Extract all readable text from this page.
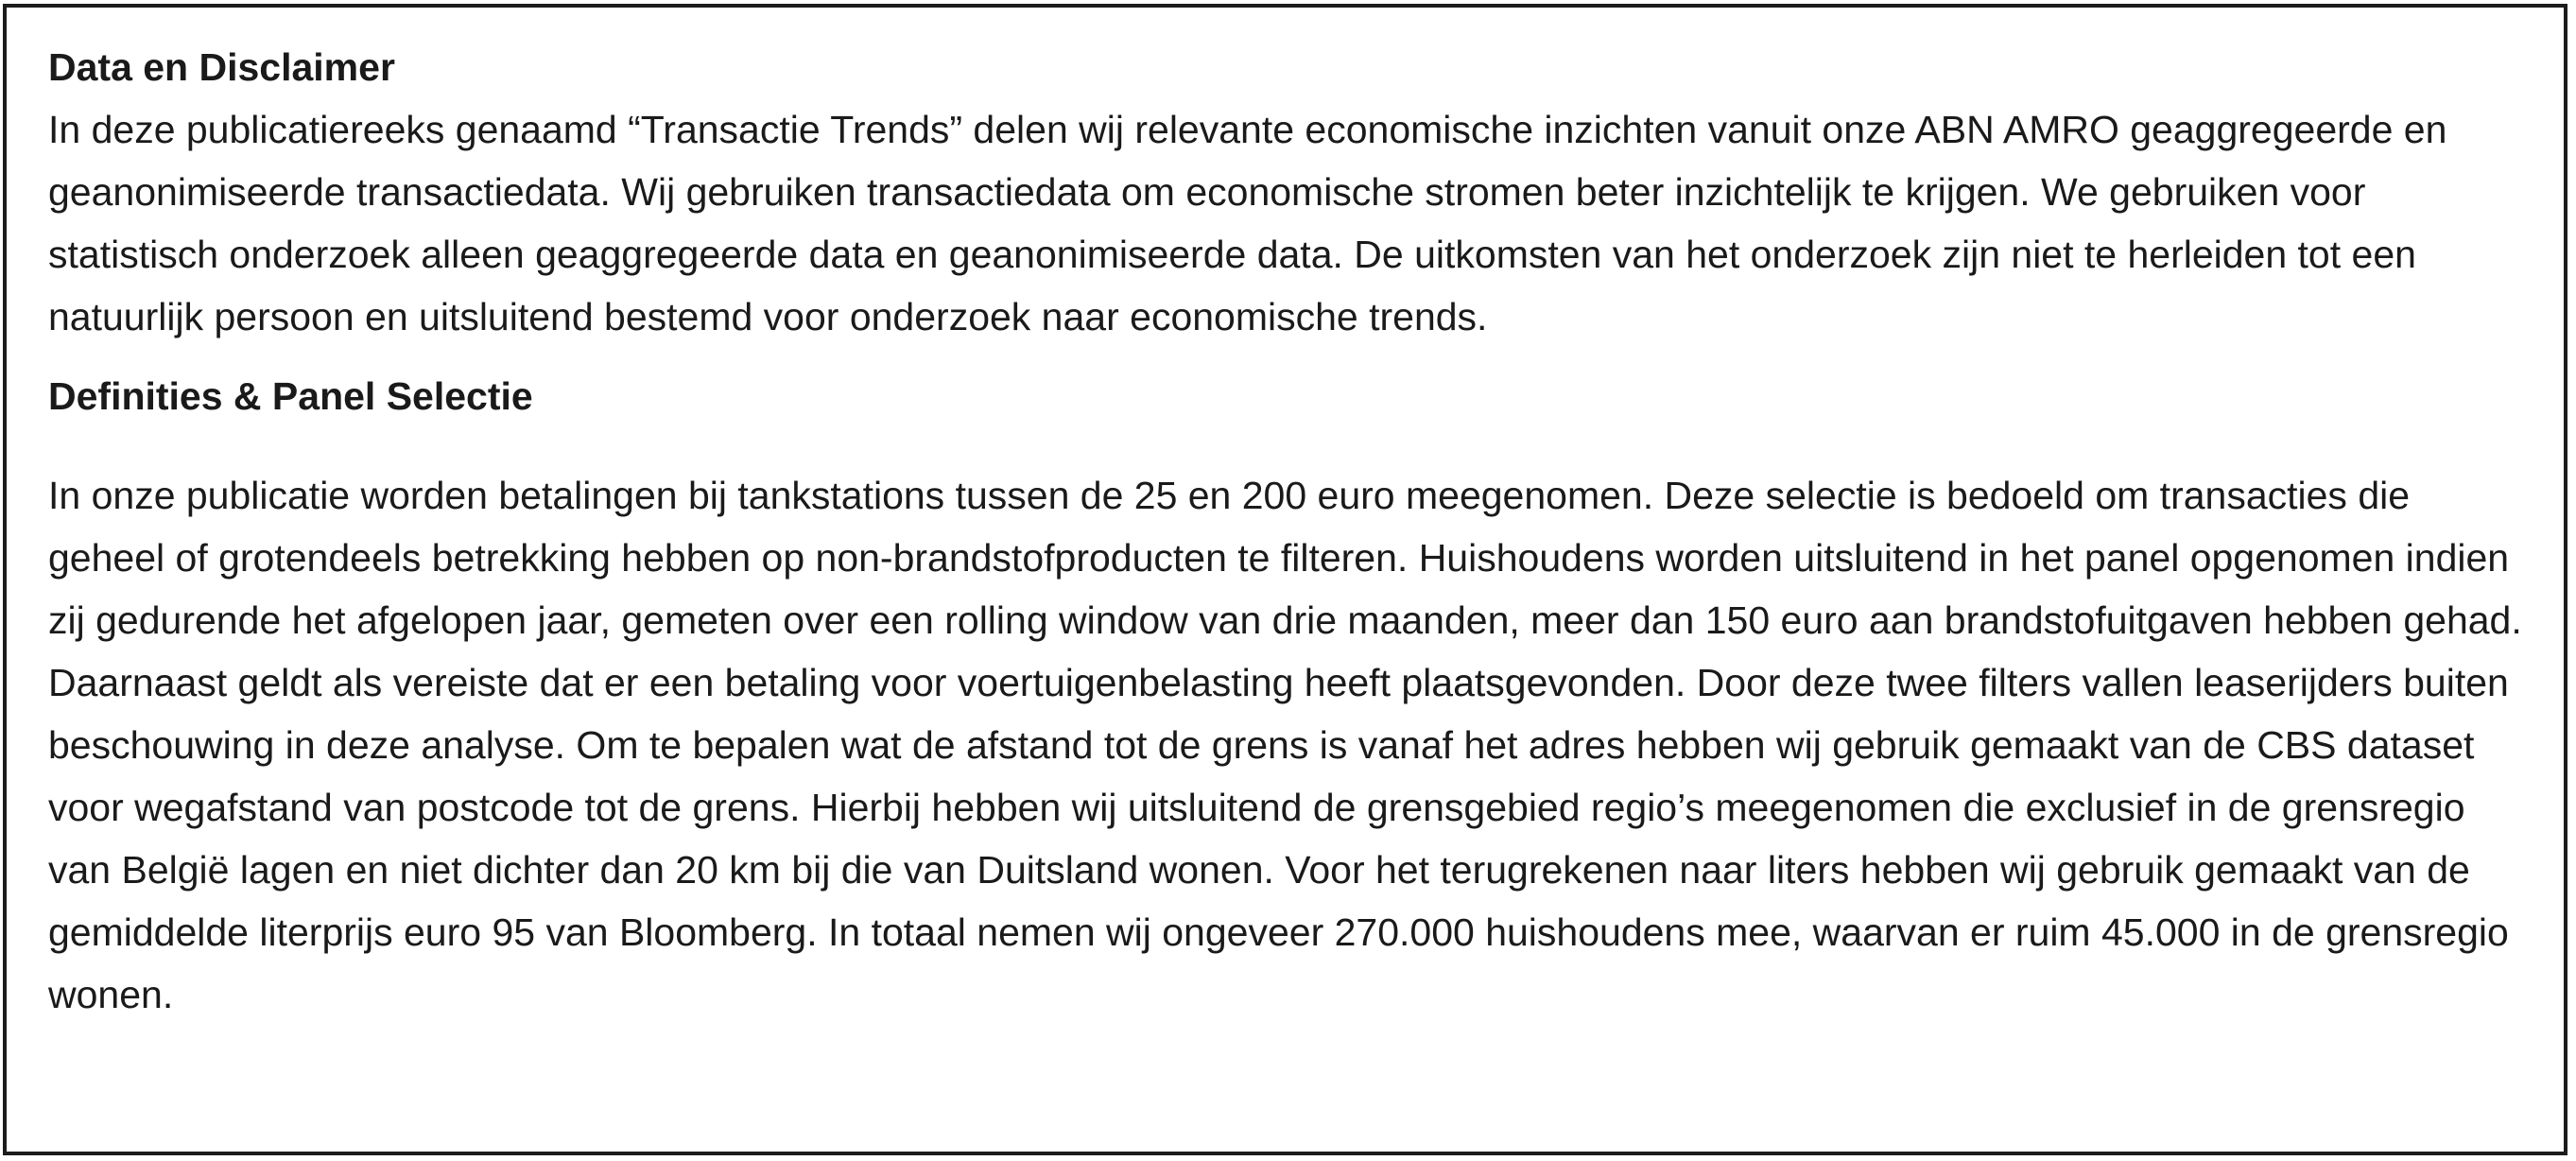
Data en Disclaimer

In deze publicatiereeks genaamd “Transactie Trends” delen wij relevante economische inzichten vanuit onze ABN AMRO geaggregeerde en geanonimiseerde transactiedata. Wij gebruiken transactiedata om economische stromen beter inzichtelijk te krijgen. We gebruiken voor statistisch onderzoek alleen geaggregeerde data en geanonimiseerde data. De uitkomsten van het onderzoek zijn niet te herleiden tot een natuurlijk persoon en uitsluitend bestemd voor onderzoek naar economische trends.

Definities & Panel Selectie

In onze publicatie worden betalingen bij tankstations tussen de 25 en 200 euro meegenomen. Deze selectie is bedoeld om transacties die geheel of grotendeels betrekking hebben op non-brandstofproducten te filteren. Huishoudens worden uitsluitend in het panel opgenomen indien zij gedurende het afgelopen jaar, gemeten over een rolling window van drie maanden, meer dan 150 euro aan brandstofuitgaven hebben gehad. Daarnaast geldt als vereiste dat er een betaling voor voertuigenbelasting heeft plaatsgevonden. Door deze twee filters vallen leaserijders buiten beschouwing in deze analyse. Om te bepalen wat de afstand tot de grens is vanaf het adres hebben wij gebruik gemaakt van de CBS dataset voor wegafstand van postcode tot de grens. Hierbij hebben wij uitsluitend de grensgebied regio’s meegenomen die exclusief in de grensregio van België lagen en niet dichter dan 20 km bij die van Duitsland wonen. Voor het terugrekenen naar liters hebben wij gebruik gemaakt van de gemiddelde literprijs euro 95 van Bloomberg. In totaal nemen wij ongeveer 270.000 huishoudens mee, waarvan er ruim 45.000 in de grensregio wonen.
